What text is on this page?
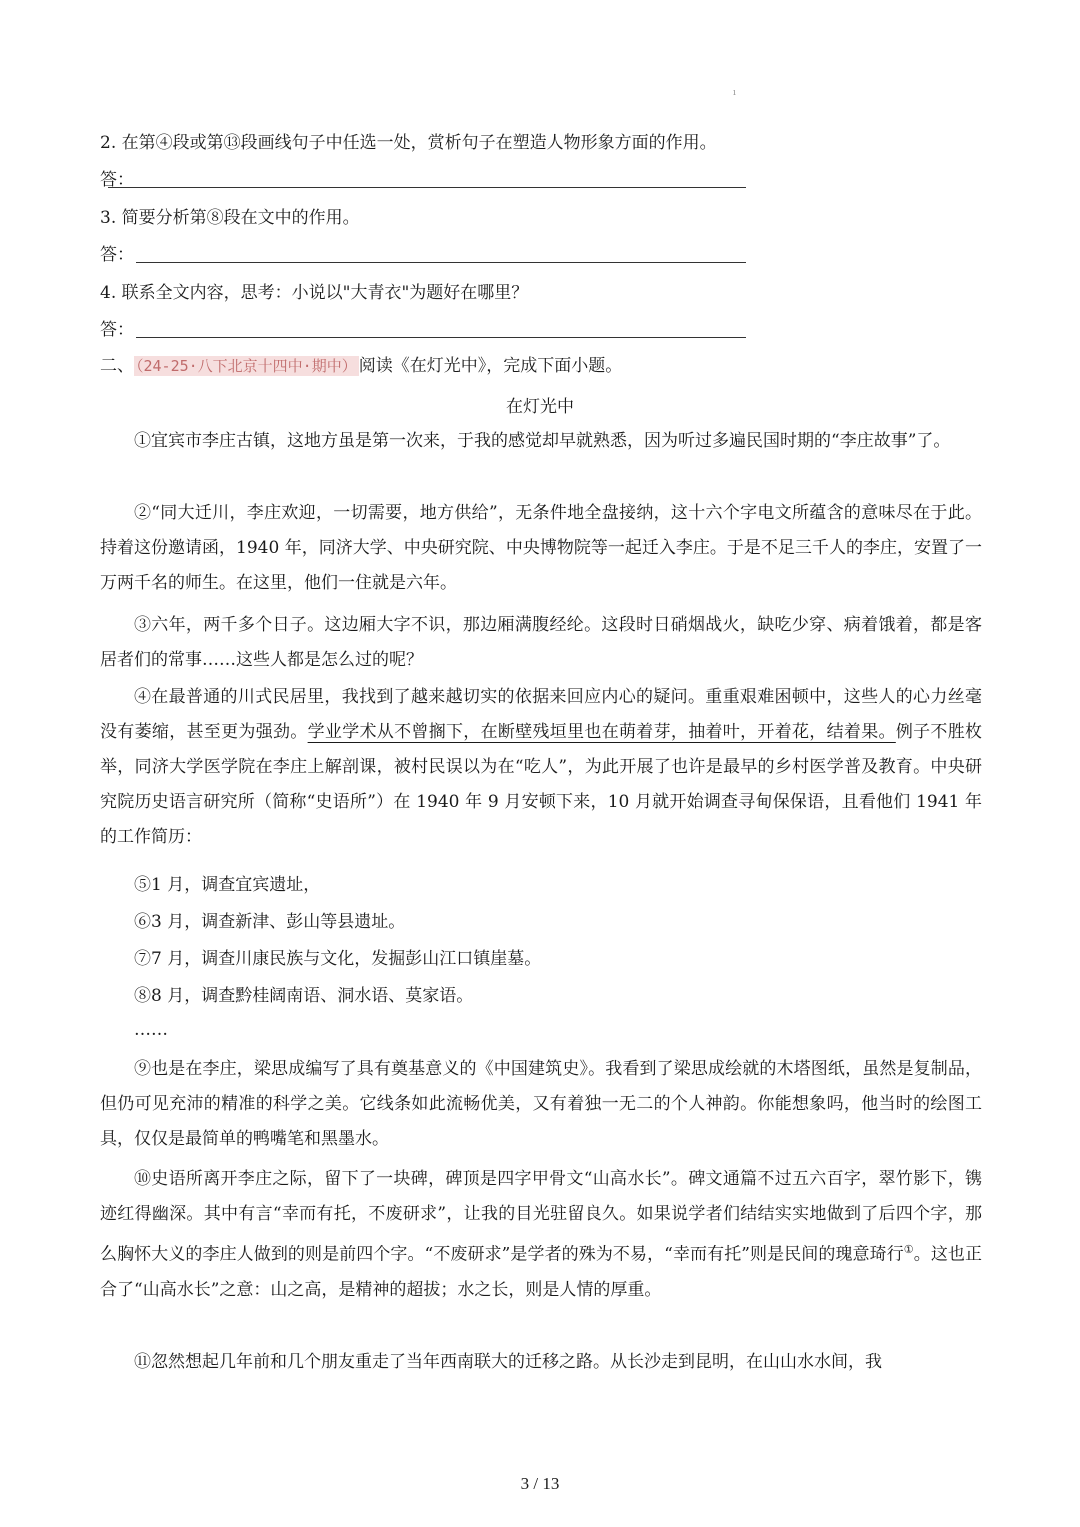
ı
2. 在第④段或第⑬段画线句子中任选一处，赏析句子在塑造人物形象方面的作用。
答：
3. 简要分析第⑧段在文中的作用。
答：
4. 联系全文内容，思考：小说以"大青衣"为题好在哪里？
答：
二、 （24-25·八下北京十四中·期中） 阅读《在灯光中》，完成下面小题。
在灯光中
①宜宾市李庄古镇，这地方虽是第一次来，于我的感觉却早就熟悉，因为听过多遍民国时期的“李庄故事”了。
②“同大迁川，李庄欢迎，一切需要，地方供给”，无条件地全盘接纳，这十六个字电文所蕴含的意味尽在于此。持着这份邀请函，1940 年，同济大学、中央研究院、中央博物院等一起迁入李庄。于是不足三千人的李庄，安置了一万两千名的师生。在这里，他们一住就是六年。
③六年，两千多个日子。这边厢大字不识，那边厢满腹经纶。这段时日硝烟战火，缺吃少穿、病着饿着，都是客居者们的常事……这些人都是怎么过的呢？
④在最普通的川式民居里，我找到了越来越切实的依据来回应内心的疑问。重重艰难困顿中，这些人的心力丝毫没有萎缩，甚至更为强劲。学业学术从不曾搁下，在断壁残垣里也在萌着芽，抽着叶，开着花，结着果。例子不胜枚举，同济大学医学院在李庄上解剖课，被村民误以为在“吃人”，为此开展了也许是最早的乡村医学普及教育。中央研究院历史语言研究所（简称“史语所”）在 1940 年 9 月安顿下来，10 月就开始调查寻甸保保语，且看他们 1941 年的工作简历：
⑤1 月，调查宜宾遗址，
⑥3 月，调查新津、彭山等县遗址。
⑦7 月，调查川康民族与文化，发掘彭山江口镇崖墓。
⑧8 月，调查黔桂阔南语、洞水语、莫家语。
……
⑨也是在李庄，梁思成编写了具有奠基意义的《中国建筑史》。我看到了梁思成绘就的木塔图纸，虽然是复制品，但仍可见充沛的精准的科学之美。它线条如此流畅优美，又有着独一无二的个人神韵。你能想象吗，他当时的绘图工具，仅仅是最简单的鸭嘴笔和黑墨水。
⑩史语所离开李庄之际，留下了一块碑，碑顶是四字甲骨文“山高水长”。碑文通篇不过五六百字，翠竹影下，镌迹红得幽深。其中有言“幸而有托，不废研求”，让我的目光驻留良久。如果说学者们结结实实地做到了后四个字，那么胸怀大义的李庄人做到的则是前四个字。“不废研求”是学者的殊为不易，“幸而有托”则是民间的瑰意琦行①。这也正合了“山高水长”之意：山之高，是精神的超拔；水之长，则是人情的厚重。
⑪忽然想起几年前和几个朋友重走了当年西南联大的迁移之路。从长沙走到昆明，在山山水水间，我
3 / 13
